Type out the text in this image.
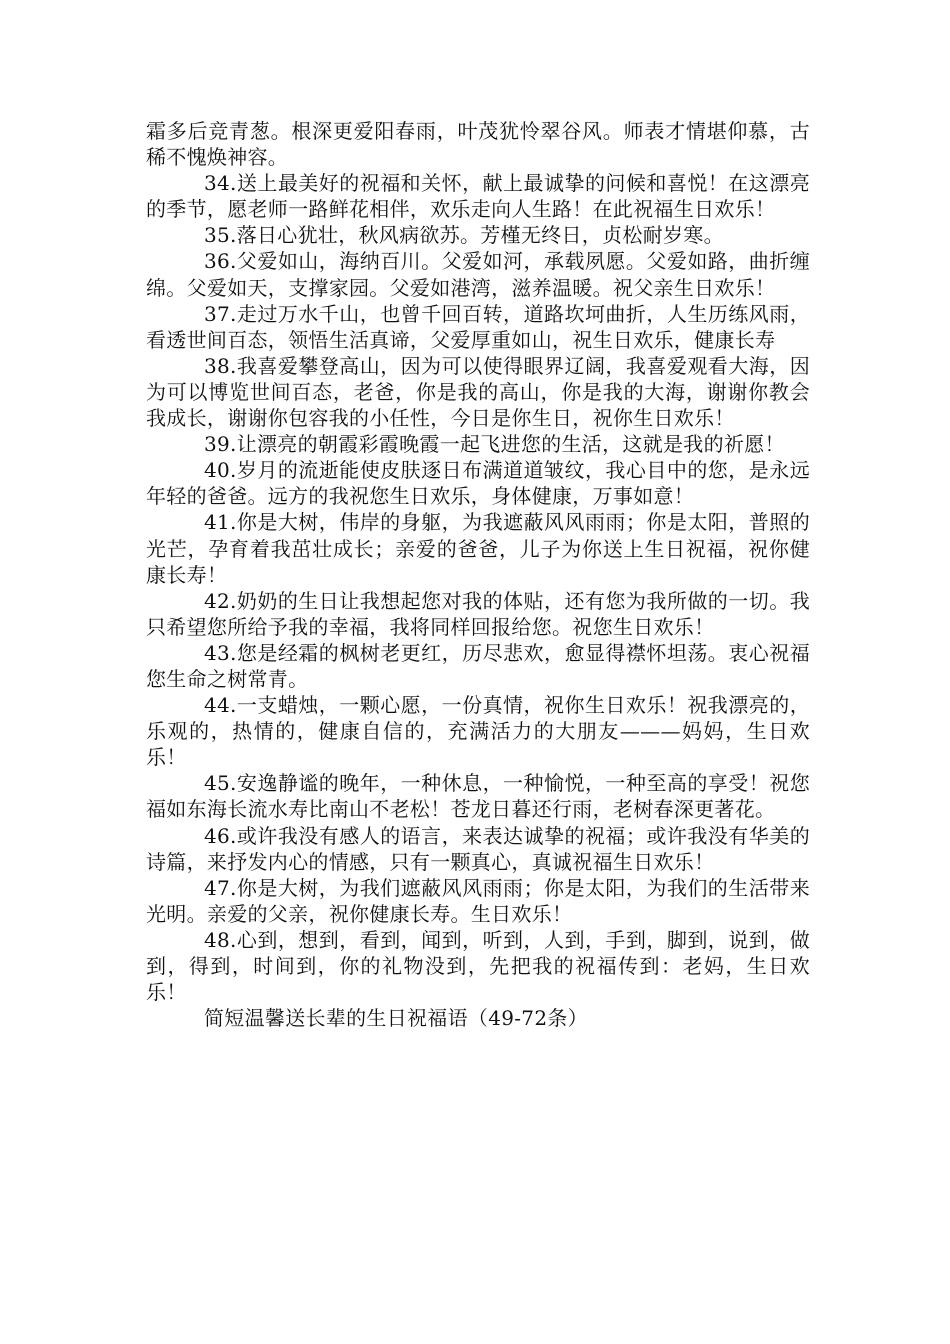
霜多后竞青葱。根深更爱阳春雨，叶茂犹怜翠谷风。师表才情堪仰慕，古稀不愧焕神容。

34.送上最美好的祝福和关怀，献上最诚挚的问候和喜悦！在这漂亮的季节，愿老师一路鲜花相伴，欢乐走向人生路！在此祝福生日欢乐！

35.落日心犹壮，秋风病欲苏。芳槿无终日，贞松耐岁寒。

36.父爱如山，海纳百川。父爱如河，承载夙愿。父爱如路，曲折缠绵。父爱如天，支撑家园。父爱如港湾，滋养温暖。祝父亲生日欢乐！

37.走过万水千山，也曾千回百转，道路坎坷曲折，人生历练风雨，看透世间百态，领悟生活真谛，父爱厚重如山，祝生日欢乐，健康长寿

38.我喜爱攀登高山，因为可以使得眼界辽阔，我喜爱观看大海，因为可以博览世间百态，老爸，你是我的高山，你是我的大海，谢谢你教会我成长，谢谢你包容我的小任性，今日是你生日，祝你生日欢乐！

39.让漂亮的朝霞彩霞晚霞一起飞进您的生活，这就是我的祈愿！

40.岁月的流逝能使皮肤逐日布满道道皱纹，我心目中的您，是永远年轻的爸爸。远方的我祝您生日欢乐，身体健康，万事如意！

41.你是大树，伟岸的身躯，为我遮蔽风风雨雨；你是太阳，普照的光芒，孕育着我茁壮成长；亲爱的爸爸，儿子为你送上生日祝福，祝你健康长寿！

42.奶奶的生日让我想起您对我的体贴，还有您为我所做的一切。我只希望您所给予我的幸福，我将同样回报给您。祝您生日欢乐！

43.您是经霜的枫树老更红，历尽悲欢，愈显得襟怀坦荡。衷心祝福您生命之树常青。

44.一支蜡烛，一颗心愿，一份真情，祝你生日欢乐！祝我漂亮的，乐观的，热情的，健康自信的，充满活力的大朋友———妈妈，生日欢乐！

45.安逸静谧的晚年，一种休息，一种愉悦，一种至高的享受！祝您福如东海长流水寿比南山不老松！苍龙日暮还行雨，老树春深更著花。

46.或许我没有感人的语言，来表达诚挚的祝福；或许我没有华美的诗篇，来抒发内心的情感，只有一颗真心，真诚祝福生日欢乐！

47.你是大树，为我们遮蔽风风雨雨；你是太阳，为我们的生活带来光明。亲爱的父亲，祝你健康长寿。生日欢乐！

48.心到，想到，看到，闻到，听到，人到，手到，脚到，说到，做到，得到，时间到，你的礼物没到，先把我的祝福传到：老妈，生日欢乐！

简短温馨送长辈的生日祝福语（49-72条）
